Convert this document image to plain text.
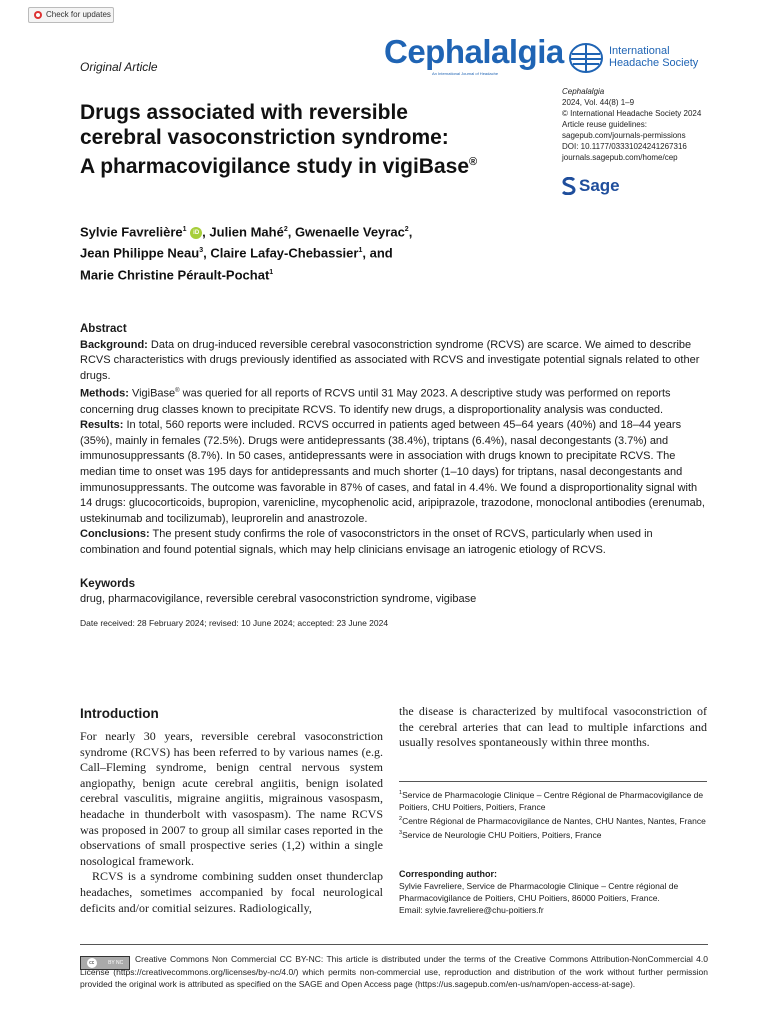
Check for updates
Original Article	Cephalalgia
An International Journal of Headache
International
Headache Society
Drugs associated with reversible
cerebral vasoconstriction syndrome:
A pharmacovigilance study in vigiBase®
Cephalalgia
2024, Vol. 44(8) 1–9
© International Headache Society 2024
Article reuse guidelines:
sagepub.com/journals-permissions
DOI: 10.1177/03331024241267316
journals.sagepub.com/home/cep
Sage
Sylvie Favrelière$^1$ iD , Julien Mahé$^2$, Gwenaelle Veyrac$^2$,
Jean Philippe Neau$^3$, Claire Lafay-Chebassier$^1$, and
Marie Christine Pérault-Pochat$^1$
Abstract

Background: Data on drug-induced reversible cerebral vasoconstriction syndrome (RCVS) are scarce. We aimed to describe RCVS characteristics with drugs previously identified as associated with RCVS and investigate potential signals related to other drugs.

Methods: VigiBase® was queried for all reports of RCVS until 31 May 2023. A descriptive study was performed on reports concerning drug classes known to precipitate RCVS. To identify new drugs, a disproportionality analysis was conducted.

Results: In total, 560 reports were included. RCVS occurred in patients aged between 45–64 years (40%) and 18–44 years (35%), mainly in females (72.5%). Drugs were antidepressants (38.4%), triptans (6.4%), nasal decongestants (3.7%) and immunosuppressants (8.7%). In 50 cases, antidepressants were in association with drugs known to precipitate RCVS. The median time to onset was 195 days for antidepressants and much shorter (1–10 days) for triptans, nasal decongestants and immunosuppressants. The outcome was favorable in 87% of cases, and fatal in 4.4%. We found a disproportionality signal with 14 drugs: glucocorticoids, bupropion, varenicline, mycophenolic acid, aripiprazole, trazodone, monoclonal antibodies (erenumab, ustekinumab and tocilizumab), leuprorelin and anastrozole.

Conclusions: The present study confirms the role of vasoconstrictors in the onset of RCVS, particularly when used in combination and found potential signals, which may help clinicians envisage an iatrogenic etiology of RCVS.

Keywords

drug, pharmacovigilance, reversible cerebral vasoconstriction syndrome, vigibase

Date received: 28 February 2024; revised: 10 June 2024; accepted: 23 June 2024
Introduction

For nearly 30 years, reversible cerebral vasoconstriction syndrome (RCVS) has been referred to by various names (e.g. Call–Fleming syndrome, benign central nervous system angiopathy, benign acute cerebral angiitis, benign isolated cerebral vasculitis, migraine angiitis, migrainous vasospasm, headache in thunderbolt with vasospasm). The name RCVS was proposed in 2007 to group all similar cases reported in the observations of small prospective series (1,2) within a single nosological framework.

RCVS is a syndrome combining sudden onset thunderclap headaches, sometimes accompanied by focal neurological deficits and/or comitial seizures. Radiologically,

the disease is characterized by multifocal vasoconstriction of the cerebral arteries that can lead to multiple infarctions and usually resolves spontaneously within three months.

$^1$Service de Pharmacologie Clinique – Centre Régional de Pharmacovigilance de Poitiers, CHU Poitiers, Poitiers, France

$^2$Centre Régional de Pharmacovigilance de Nantes, CHU Nantes, Nantes, France

$^3$Service de Neurologie CHU Poitiers, Poitiers, France

Corresponding author:

Sylvie Favreliere, Service de Pharmacologie Clinique – Centre régional de Pharmacovigilance de Poitiers, CHU Poitiers, 86000 Poitiers, France.

Email: sylvie.favreliere@chu-poitiers.fr

cc	BY NC	Creative Commons Non Commercial CC BY-NC: This article is distributed under the terms of the Creative Commons Attribution-NonCommercial 4.0 License (https://creativecommons.org/licenses/by-nc/4.0/) which permits non-commercial use, reproduction and distribution of the work without further permission provided the original work is attributed as specified on the SAGE and Open Access page (https://us.sagepub.com/en-us/nam/open-access-at-sage).
